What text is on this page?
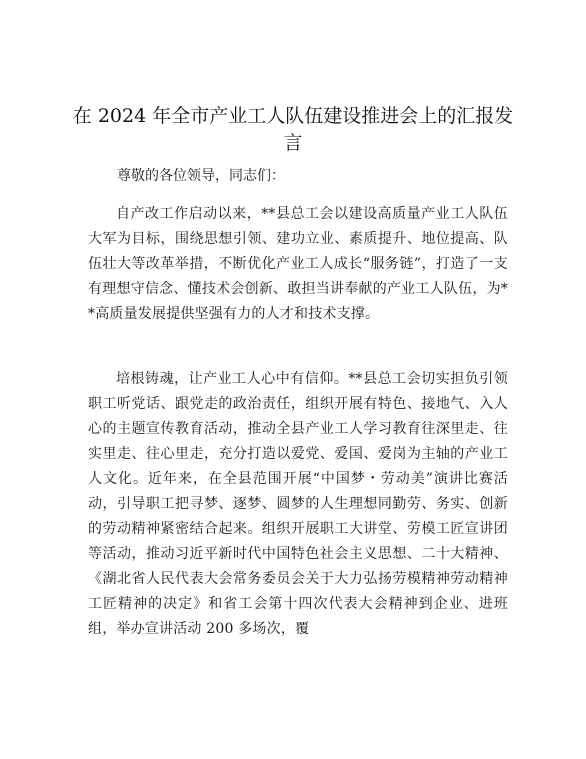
在 2024 年全市产业工人队伍建设推进会上的汇报发言

尊敬的各位领导，同志们：

自产改工作启动以来，**县总工会以建设高质量产业工人队伍大军为目标，围绕思想引领、建功立业、素质提升、地位提高、队伍壮大等改革举措，不断优化产业工人成长“服务链”，打造了一支有理想守信念、懂技术会创新、敢担当讲奉献的产业工人队伍，为**高质量发展提供坚强有力的人才和技术支撑。

培根铸魂，让产业工人心中有信仰。**县总工会切实担负引领职工听党话、跟党走的政治责任，组织开展有特色、接地气、入人心的主题宣传教育活动，推动全县产业工人学习教育往深里走、往实里走、往心里走，充分打造以爱党、爱国、爱岗为主轴的产业工人文化。近年来，在全县范围开展“中国梦・劳动美”演讲比赛活动，引导职工把寻梦、逐梦、圆梦的人生理想同勤劳、务实、创新的劳动精神紧密结合起来。组织开展职工大讲堂、劳模工匠宣讲团等活动，推动习近平新时代中国特色社会主义思想、二十大精神、《湖北省人民代表大会常务委员会关于大力弘扬劳模精神劳动精神工匠精神的决定》和省工会第十四次代表大会精神到企业、进班组，举办宣讲活动 200 多场次，覆
